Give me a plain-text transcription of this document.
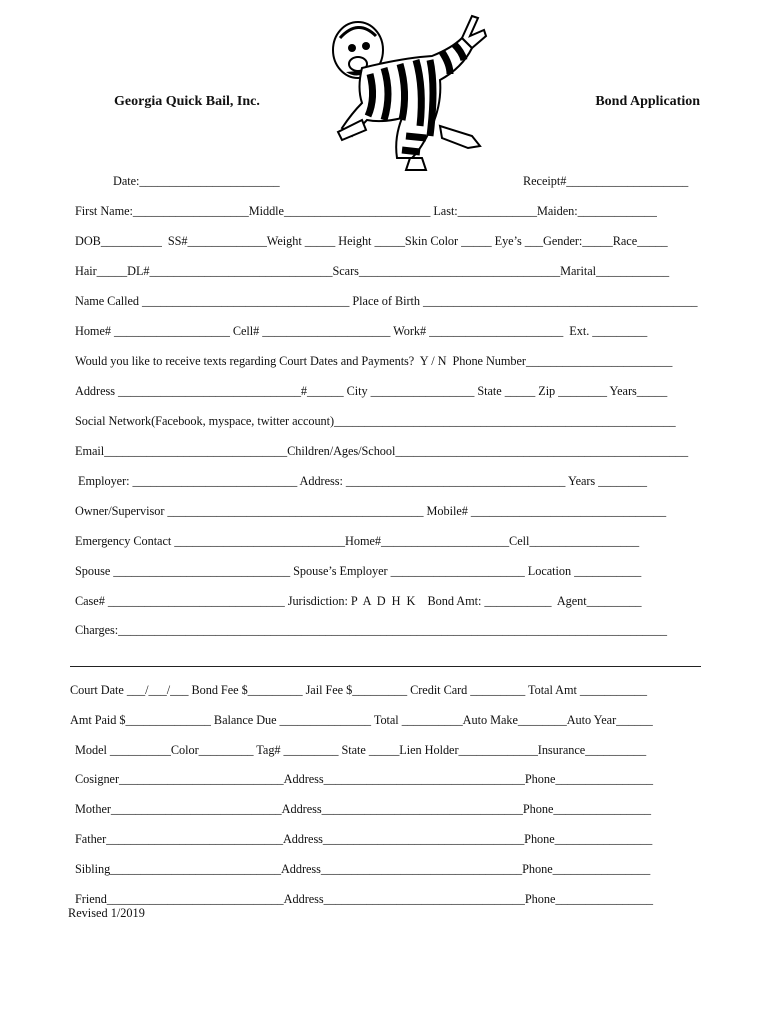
Georgia Quick Bail, Inc.	Bond Application
Date:_______________________	Receipt#____________________
First Name:___________________Middle________________________ Last:_____________Maiden:_____________
DOB__________  SS#_____________Weight _____ Height _____Skin Color _____ Eye’s ___Gender:_____Race_____
Hair_____DL#______________________________Scars_________________________________Marital____________
Name Called __________________________________ Place of Birth _____________________________________________
Home# ___________________ Cell# _____________________ Work# ______________________  Ext. _________
Would you like to receive texts regarding Court Dates and Payments?  Y / N  Phone Number________________________
Address ______________________________#______ City _________________ State _____ Zip ________ Years_____
Social Network(Facebook, myspace, twitter account)________________________________________________________
Email______________________________Children/Ages/School________________________________________________
Employer: ___________________________ Address: ____________________________________ Years ________
Owner/Supervisor __________________________________________ Mobile# ________________________________
Emergency Contact ____________________________Home#_____________________Cell__________________
Spouse _____________________________ Spouse’s Employer ______________________ Location ___________
Case# _____________________________ Jurisdiction: P  A  D  H  K    Bond Amt: ___________  Agent_________
Charges:__________________________________________________________________________________________
Court Date ___/___/___ Bond Fee $_________ Jail Fee $_________ Credit Card _________ Total Amt ___________
Amt Paid $______________ Balance Due _______________ Total __________Auto Make________Auto Year______
Model __________Color_________ Tag# _________ State _____Lien Holder_____________Insurance__________
Cosigner___________________________Address_________________________________Phone________________
Mother____________________________Address_________________________________Phone________________
Father_____________________________Address_________________________________Phone________________
Sibling____________________________Address_________________________________Phone________________
Friend_____________________________Address_________________________________Phone________________
Revised 1/2019
